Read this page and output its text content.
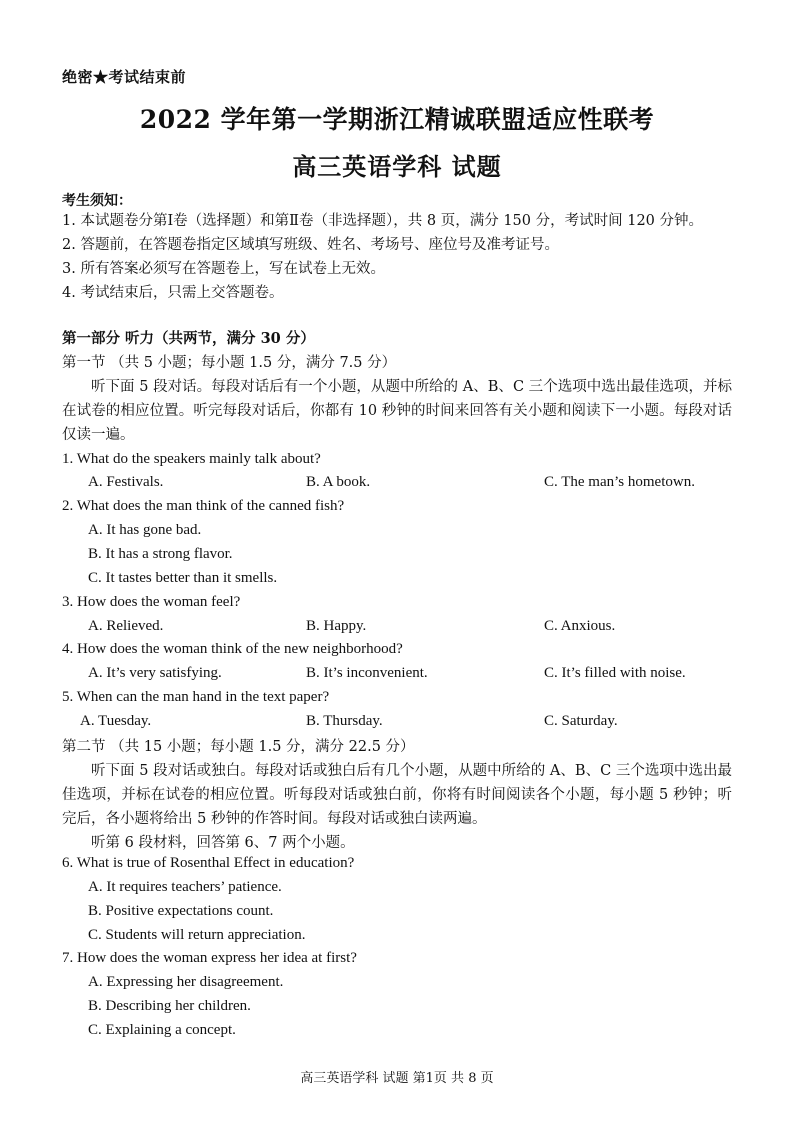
绝密★考试结束前
2022 学年第一学期浙江精诚联盟适应性联考
高三英语学科 试题
考生须知：
1. 本试题卷分第Ⅰ卷（选择题）和第Ⅱ卷（非选择题），共 8 页，满分 150 分，考试时间 120 分钟。
2. 答题前，在答题卷指定区域填写班级、姓名、考场号、座位号及准考证号。
3. 所有答案必须写在答题卷上，写在试卷上无效。
4. 考试结束后，只需上交答题卷。
第一部分 听力（共两节，满分 30 分）
第一节 （共 5 小题；每小题 1.5 分，满分 7.5 分）
听下面 5 段对话。每段对话后有一个小题，从题中所给的 A、B、C 三个选项中选出最佳选项，并标在试卷的相应位置。听完每段对话后，你都有 10 秒钟的时间来回答有关小题和阅读下一小题。每段对话仅读一遍。
1. What do the speakers mainly talk about?
A. Festivals.	B. A book.	C. The man’s hometown.
2. What does the man think of the canned fish?
A. It has gone bad.
B. It has a strong flavor.
C. It tastes better than it smells.
3. How does the woman feel?
A. Relieved.	B. Happy.	C. Anxious.
4. How does the woman think of the new neighborhood?
A. It’s very satisfying.	B. It’s inconvenient.	C. It’s filled with noise.
5. When can the man hand in the text paper?
A. Tuesday.	B. Thursday.	C. Saturday.
第二节 （共 15 小题；每小题 1.5 分，满分 22.5 分）
听下面 5 段对话或独白。每段对话或独白后有几个小题，从题中所给的 A、B、C 三个选项中选出最佳选项，并标在试卷的相应位置。听每段对话或独白前，你将有时间阅读各个小题，每小题 5 秒钟；听完后，各小题将给出 5 秒钟的作答时间。每段对话或独白读两遍。
听第 6 段材料，回答第 6、7 两个小题。
6. What is true of Rosenthal Effect in education?
A. It requires teachers’ patience.
B. Positive expectations count.
C. Students will return appreciation.
7. How does the woman express her idea at first?
A. Expressing her disagreement.
B. Describing her children.
C. Explaining a concept.
高三英语学科 试题 第1页 共 8 页
